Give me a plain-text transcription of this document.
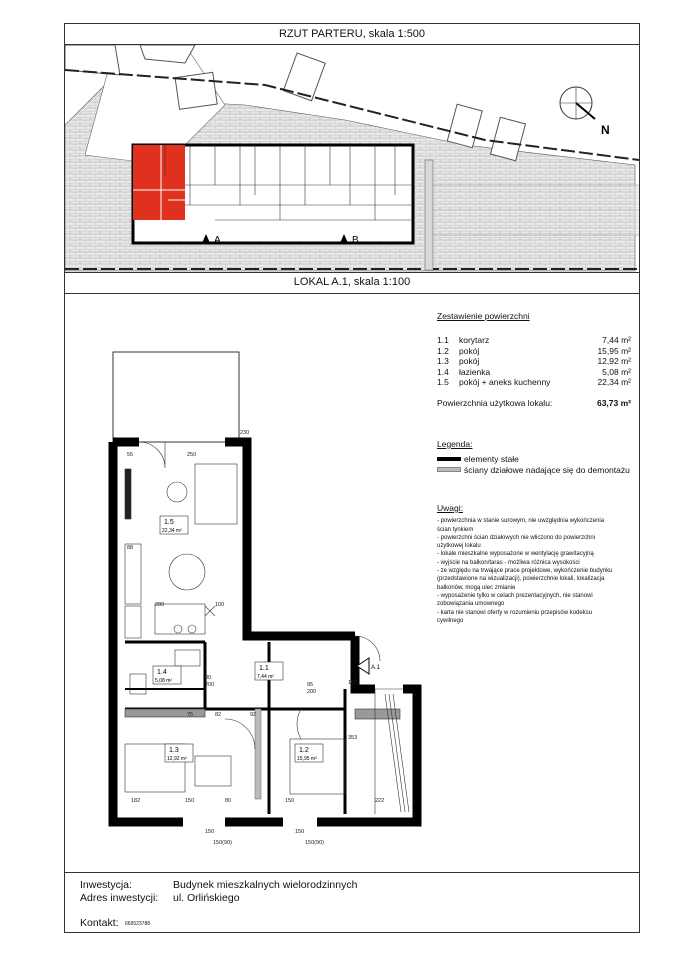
RZUT PARTERU, skala 1:500
LOKAL A.1, skala 1:100
N
A	B
1.5
22,34 m²
1.1
7,44 m²
1.4
5,08 m²
1.3
12,92 m²
1.2
15,95 m²
A.1
250
280	100
55
88
80
200
82	92
182	150	80	150	222
105
95
200
230
150(90)	150(90)
353
75
150	150
Zestawienie powierzchni
1.1	korytarz	7,44 m²
1.2	pokój	15,95 m²
1.3	pokój	12,92 m²
1.4	łazienka	5,08 m²
1.5	pokój + aneks kuchenny	22,34 m²
Powierzchnia użytkowa lokalu:	63,73 m²
Legenda:
elementy stałe
ściany działowe nadające się do demontażu
Uwagi:
- powierzchnia w stanie surowym, nie uwzględnia wykończenia
ścian tynkiem
- powierzchni ścian działowych nie wliczono do powierzchni
użytkowej lokalu
- lokale mieszkalne wyposażone w wentylację grawitacyjną
- wyjście na balkon/taras - możliwa różnica wysokości
- ze względu na trwające prace projektowe, wykończenie budynku
(przedstawione na wizualizacji), powierzchnie lokali, lokalizacja
balkonów, mogą ulec zmianie
- wyposażenie tylko w celach prezentacyjnych, nie stanowi
zobowiązania umownego
- karta nie stanowi oferty w rozumieniu przepisów kodeksu
cywilnego
Inwestycja:	Budynek mieszkalnych wielorodzinnych
Adres inwestycji: ul. Orlińskiego
Kontakt: 669523788
